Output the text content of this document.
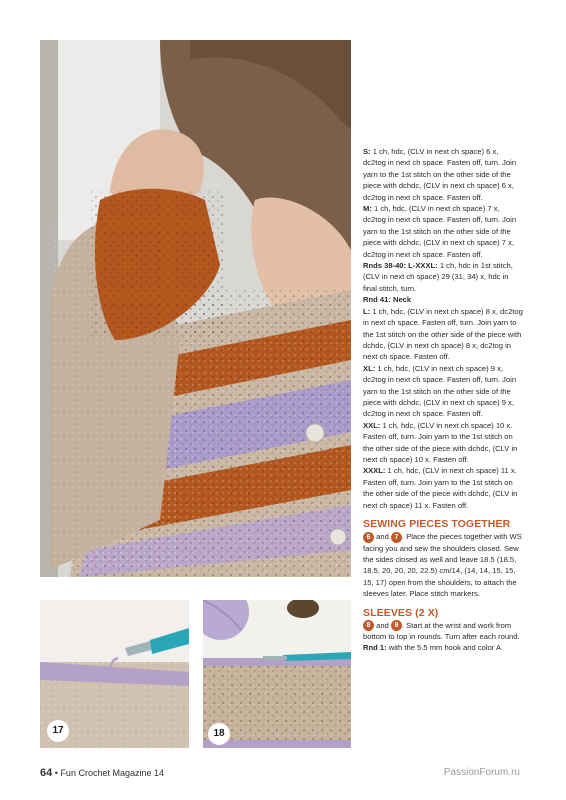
17	18

S: 1 ch, hdc, (CLV in next ch space) 6 x, dc2tog in next ch space. Fasten off, turn. Join yarn to the 1st stitch on the other side of the piece with dchdc, (CLV in next ch space) 6 x, dc2tog in next ch space. Fasten off.

M: 1 ch, hdc, (CLV in next ch space) 7 x, dc2tog in next ch space. Fasten off, turn. Join yarn to the 1st stitch on the other side of the piece with dchdc, (CLV in next ch space) 7 x, dc2tog in next ch space. Fasten off.

Rnds 38-40: L-XXXL: 1 ch, hdc in 1st stitch, (CLV in next ch space) 29 (31, 34) x, hdc in final stitch, turn.

Rnd 41: Neck

L: 1 ch, hdc, (CLV in next ch space) 8 x, dc2tog in next ch space. Fasten off, turn. Join yarn to the 1st stitch on the other side of the piece with dchdc, (CLV in next ch space) 8 x, dc2tog in next ch space. Fasten off.

XL: 1 ch, hdc, (CLV in next ch space) 9 x, dc2tog in next ch space. Fasten off, turn. Join yarn to the 1st stitch on the other side of the piece with dchdc, (CLV in next ch space) 9 x, dc2tog in next ch space. Fasten off.

XXL: 1 ch, hdc, (CLV in next ch space) 10 x. Fasten off, turn. Join yarn to the 1st stitch on the other side of the piece with dchdc, (CLV in next ch space) 10 x. Fasten off.

XXXL: 1 ch, hdc, (CLV in next ch space) 11 x. Fasten off, turn. Join yarn to the 1st stitch on the other side of the piece with dchdc, (CLV in next ch space) 11 x. Fasten off.

SEWING PIECES TOGETHER

6 and 7 . Place the pieces together with WS facing you and sew the shoulders closed. Sew the sides closed as well and leave 18.5 (18.5, 18.5, 20, 20, 20, 22.5) cm/14, (14, 14, 15, 15, 15, 17) open from the shoulders, to attach the sleeves later. Place stitch markers.

SLEEVES (2 X)

8 and 9 . Start at the wrist and work from bottom to top in rounds. Turn after each round.

Rnd 1: with the 5.5 mm hook and color A

64 • Fun Crochet Magazine 14	PassionForum.ru
